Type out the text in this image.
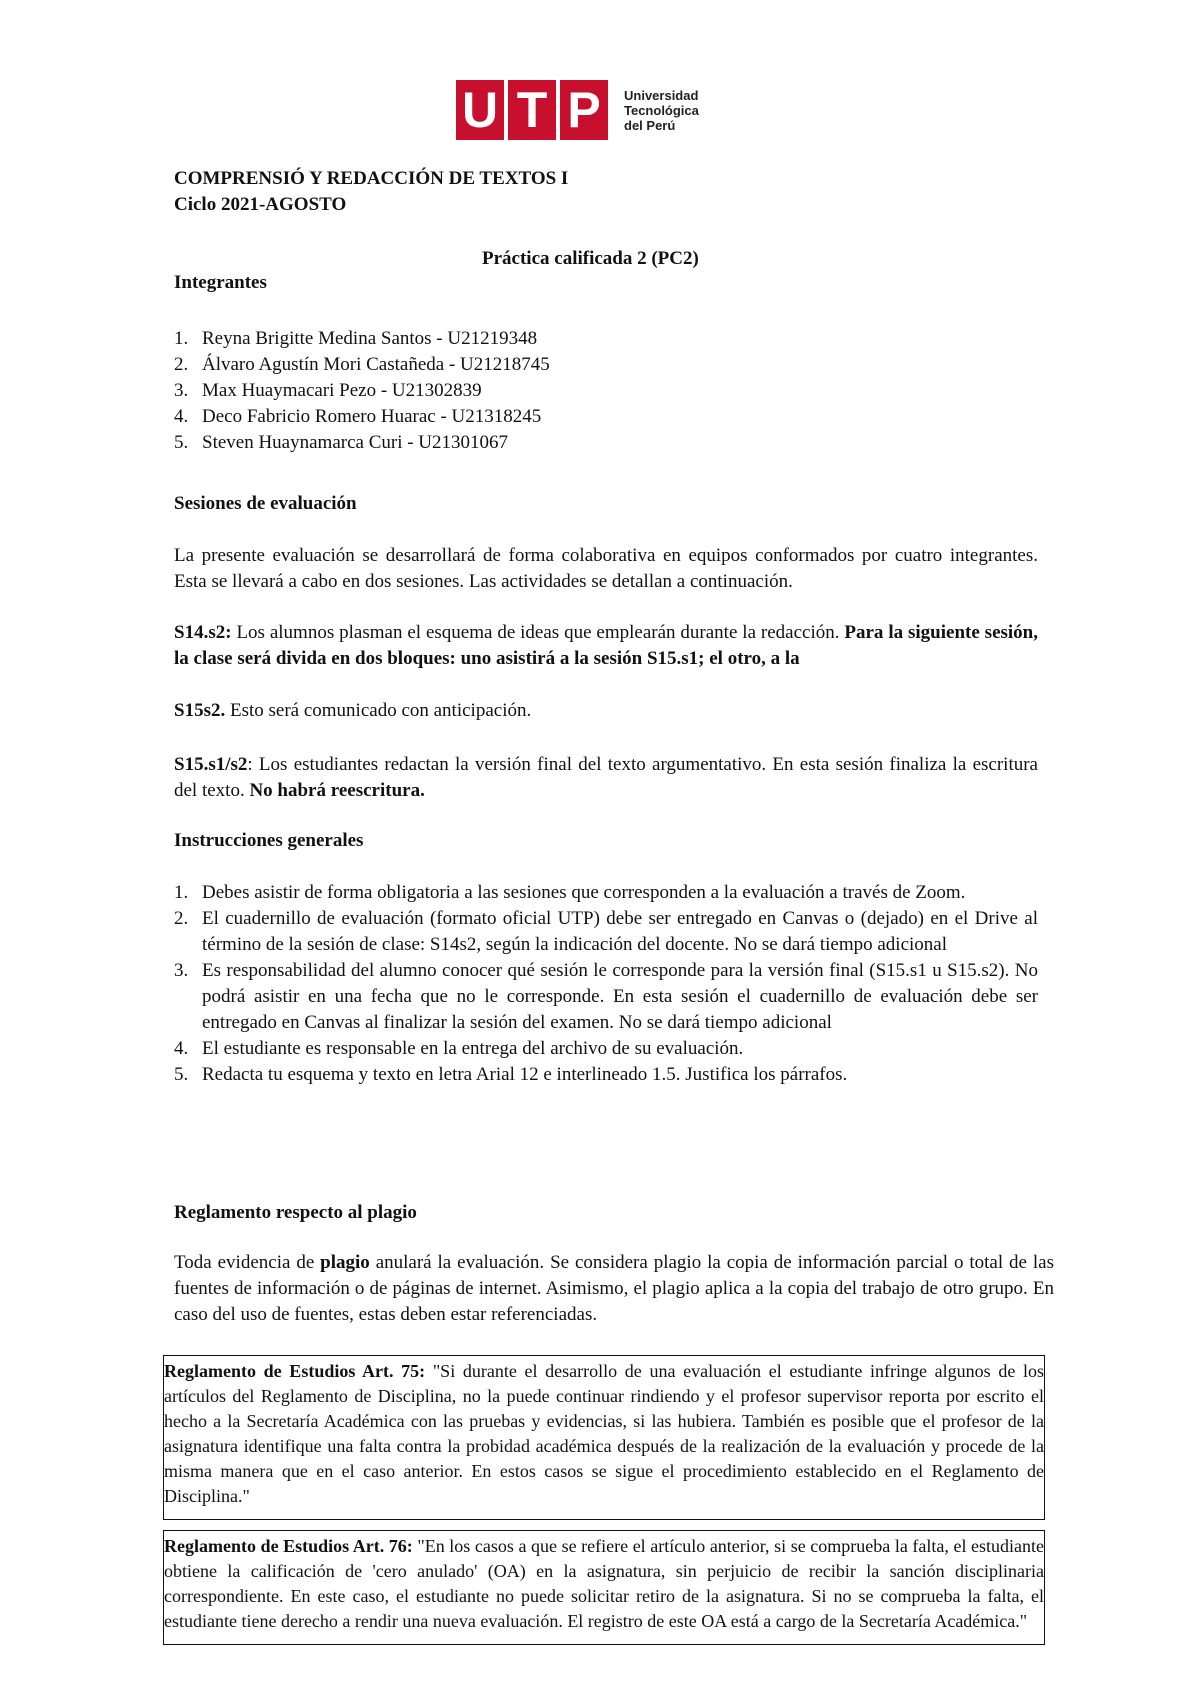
U T P	Universidad
Tecnológica
del Perú
COMPRENSIÓ Y REDACCIÓN DE TEXTOS I
Ciclo 2021-AGOSTO
Práctica calificada 2 (PC2)
Integrantes
1. Reyna Brigitte Medina Santos - U21219348
2. Álvaro Agustín Mori Castañeda - U21218745
3. Max Huaymacari Pezo - U21302839
4. Deco Fabricio Romero Huarac - U21318245
5. Steven Huaynamarca Curi - U21301067
Sesiones de evaluación
La presente evaluación se desarrollará de forma colaborativa en equipos conformados por cuatro integrantes. Esta se llevará a cabo en dos sesiones. Las actividades se detallan a continuación.
S14.s2: Los alumnos plasman el esquema de ideas que emplearán durante la redacción. Para la siguiente sesión, la clase será divida en dos bloques: uno asistirá a la sesión S15.s1; el otro, a la
S15s2. Esto será comunicado con anticipación.
S15.s1/s2: Los estudiantes redactan la versión final del texto argumentativo. En esta sesión finaliza la escritura del texto. No habrá reescritura.
Instrucciones generales
1. Debes asistir de forma obligatoria a las sesiones que corresponden a la evaluación a través de Zoom.
2. El cuadernillo de evaluación (formato oficial UTP) debe ser entregado en Canvas o (dejado) en el Drive al término de la sesión de clase: S14s2, según la indicación del docente. No se dará tiempo adicional
3. Es responsabilidad del alumno conocer qué sesión le corresponde para la versión final (S15.s1 u S15.s2). No podrá asistir en una fecha que no le corresponde. En esta sesión el cuadernillo de evaluación debe ser entregado en Canvas al finalizar la sesión del examen. No se dará tiempo adicional
4. El estudiante es responsable en la entrega del archivo de su evaluación.
5. Redacta tu esquema y texto en letra Arial 12 e interlineado 1.5. Justifica los párrafos.
Reglamento respecto al plagio
Toda evidencia de plagio anulará la evaluación. Se considera plagio la copia de información parcial o total de las fuentes de información o de páginas de internet. Asimismo, el plagio aplica a la copia del trabajo de otro grupo. En caso del uso de fuentes, estas deben estar referenciadas.
Reglamento de Estudios Art. 75: "Si durante el desarrollo de una evaluación el estudiante infringe algunos de los artículos del Reglamento de Disciplina, no la puede continuar rindiendo y el profesor supervisor reporta por escrito el hecho a la Secretaría Académica con las pruebas y evidencias, si las hubiera. También es posible que el profesor de la asignatura identifique una falta contra la probidad académica después de la realización de la evaluación y procede de la misma manera que en el caso anterior. En estos casos se sigue el procedimiento establecido en el Reglamento de Disciplina."
Reglamento de Estudios Art. 76: "En los casos a que se refiere el artículo anterior, si se comprueba la falta, el estudiante obtiene la calificación de 'cero anulado' (OA) en la asignatura, sin perjuicio de recibir la sanción disciplinaria correspondiente. En este caso, el estudiante no puede solicitar retiro de la asignatura. Si no se comprueba la falta, el estudiante tiene derecho a rendir una nueva evaluación. El registro de este OA está a cargo de la Secretaría Académica."
